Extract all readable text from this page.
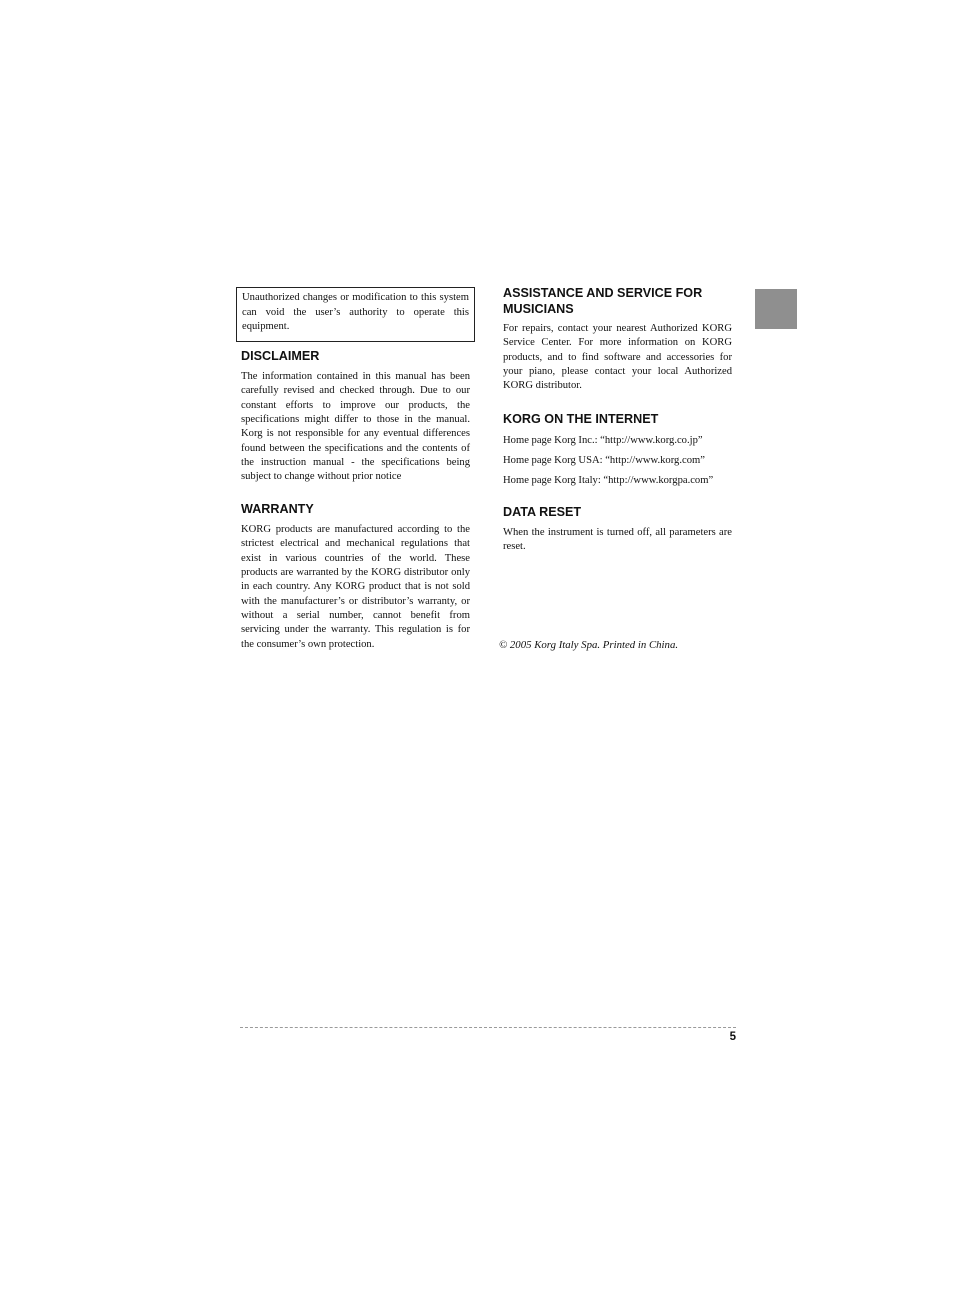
Unauthorized changes or modification to this system can void the user’s authority to operate this equipment.
DISCLAIMER

The information contained in this manual has been carefully revised and checked through. Due to our constant efforts to improve our products, the specifications might differ to those in the manual. Korg is not responsible for any eventual differences found between the specifications and the contents of the instruction manual - the specifications being subject to change without prior notice

WARRANTY

KORG products are manufactured according to the strictest electrical and mechanical regulations that exist in various countries of the world. These products are warranted by the KORG distributor only in each country. Any KORG product that is not sold with the manufacturer’s or distributor’s warranty, or without a serial number, cannot benefit from servicing under the warranty. This regulation is for the consumer’s own protection.

ASSISTANCE AND SERVICE FOR MUSICIANS

For repairs, contact your nearest Authorized KORG Service Center. For more information on KORG products, and to find software and accessories for your piano, please contact your local Authorized KORG distributor.

KORG ON THE INTERNET

Home page Korg Inc.: “http://www.korg.co.jp”

Home page Korg USA: “http://www.korg.com”

Home page Korg Italy: “http://www.korgpa.com”

DATA RESET

When the instrument is turned off, all parameters are reset.

© 2005 Korg Italy Spa. Printed in China.
5
